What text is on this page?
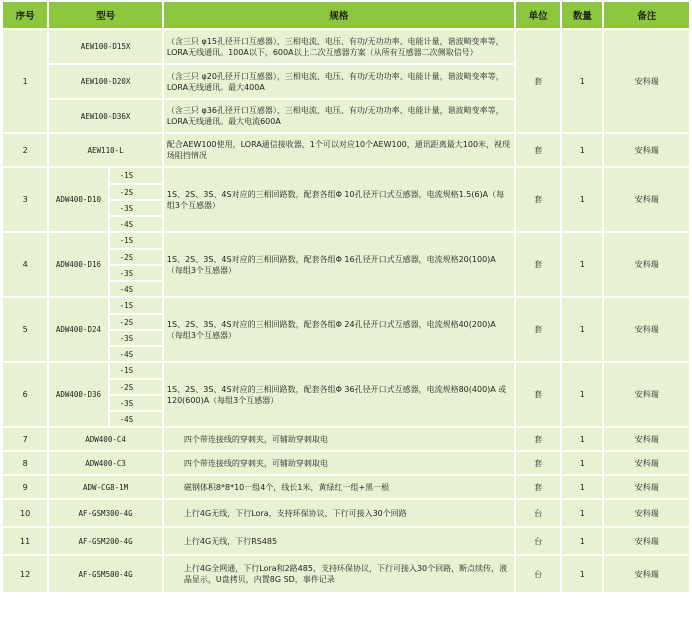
序号	型号		规格	单位	数量	备注
1	AEW100-D15X		（含三只 φ15孔径开口互感器），三相电流、电压、有功/无功功率、电能计量，谐波畸变率等，LORA无线通讯。100A以下，600A以上二次互感器方案（从所有互感器二次侧取信号）	套	1	安科瑞
	AEW100-D20X		（含三只 φ20孔径开口互感器），三相电流、电压、有功/无功功率、电能计量，谐波畸变率等，LORA无线通讯。最大400A			
	AEW100-D36X		（含三只 φ36孔径开口互感器），三相电流、电压、有功/无功功率、电能计量，谐波畸变率等，LORA无线通讯。最大电流600A			
2	AEW110-L		配合AEW100使用，LORA通信接收器，1个可以对应10个AEW100，通讯距离最大100米，视现场阻挡情况	套	1	安科瑞
3	ADW400-D10	-1S	1S、2S、3S、4S对应的三相回路数，配套各组Φ 10孔径开口式互感器，电流规格1.5(6)A（每组3个互感器）	套	1	安科瑞
		-2S				
		-3S				
		-4S				
4	ADW400-D16	-1S	1S、2S、3S、4S对应的三相回路数，配套各组Φ 16孔径开口式互感器，电流规格20(100)A（每组3个互感器）	套	1	安科瑞
		-2S				
		-3S				
		-4S				
5	ADW400-D24	-1S	1S、2S、3S、4S对应的三相回路数，配套各组Φ 24孔径开口式互感器，电流规格40(200)A（每组3个互感器）	套	1	安科瑞
		-2S				
		-3S				
		-4S				
6	ADW400-D36	-1S	1S、2S、3S、4S对应的三相回路数，配套各组Φ 36孔径开口式互感器，电流规格80(400)A 或120(600)A（每组3个互感器）	套	1	安科瑞
		-2S				
		-3S				
		-4S				
7	ADW400-C4		四个带连接线的穿刺夹，可辅助穿刺取电	套	1	安科瑞
8	ADW400-C3		四个带连接线的穿刺夹，可辅助穿刺取电	套	1	安科瑞
9	ADW-CG8-1M		磁钢体积8*8*10一组4个，线长1米，黄绿红一组+黑一根	套	1	安科瑞
10	AF-GSM300-4G		上行4G无线，下行Lora，支持环保协议，下行可接入30个回路	台	1	安科瑞
11	AF-GSM200-4G		上行4G无线，下行RS485	台	1	安科瑞
12	AF-GSM500-4G		上行4G全网通，下行Lora和2路485，支持环保协议，下行可接入30个回路，断点续传，液晶显示，U盘拷贝，内置8G SD，事件记录	台	1	安科瑞
